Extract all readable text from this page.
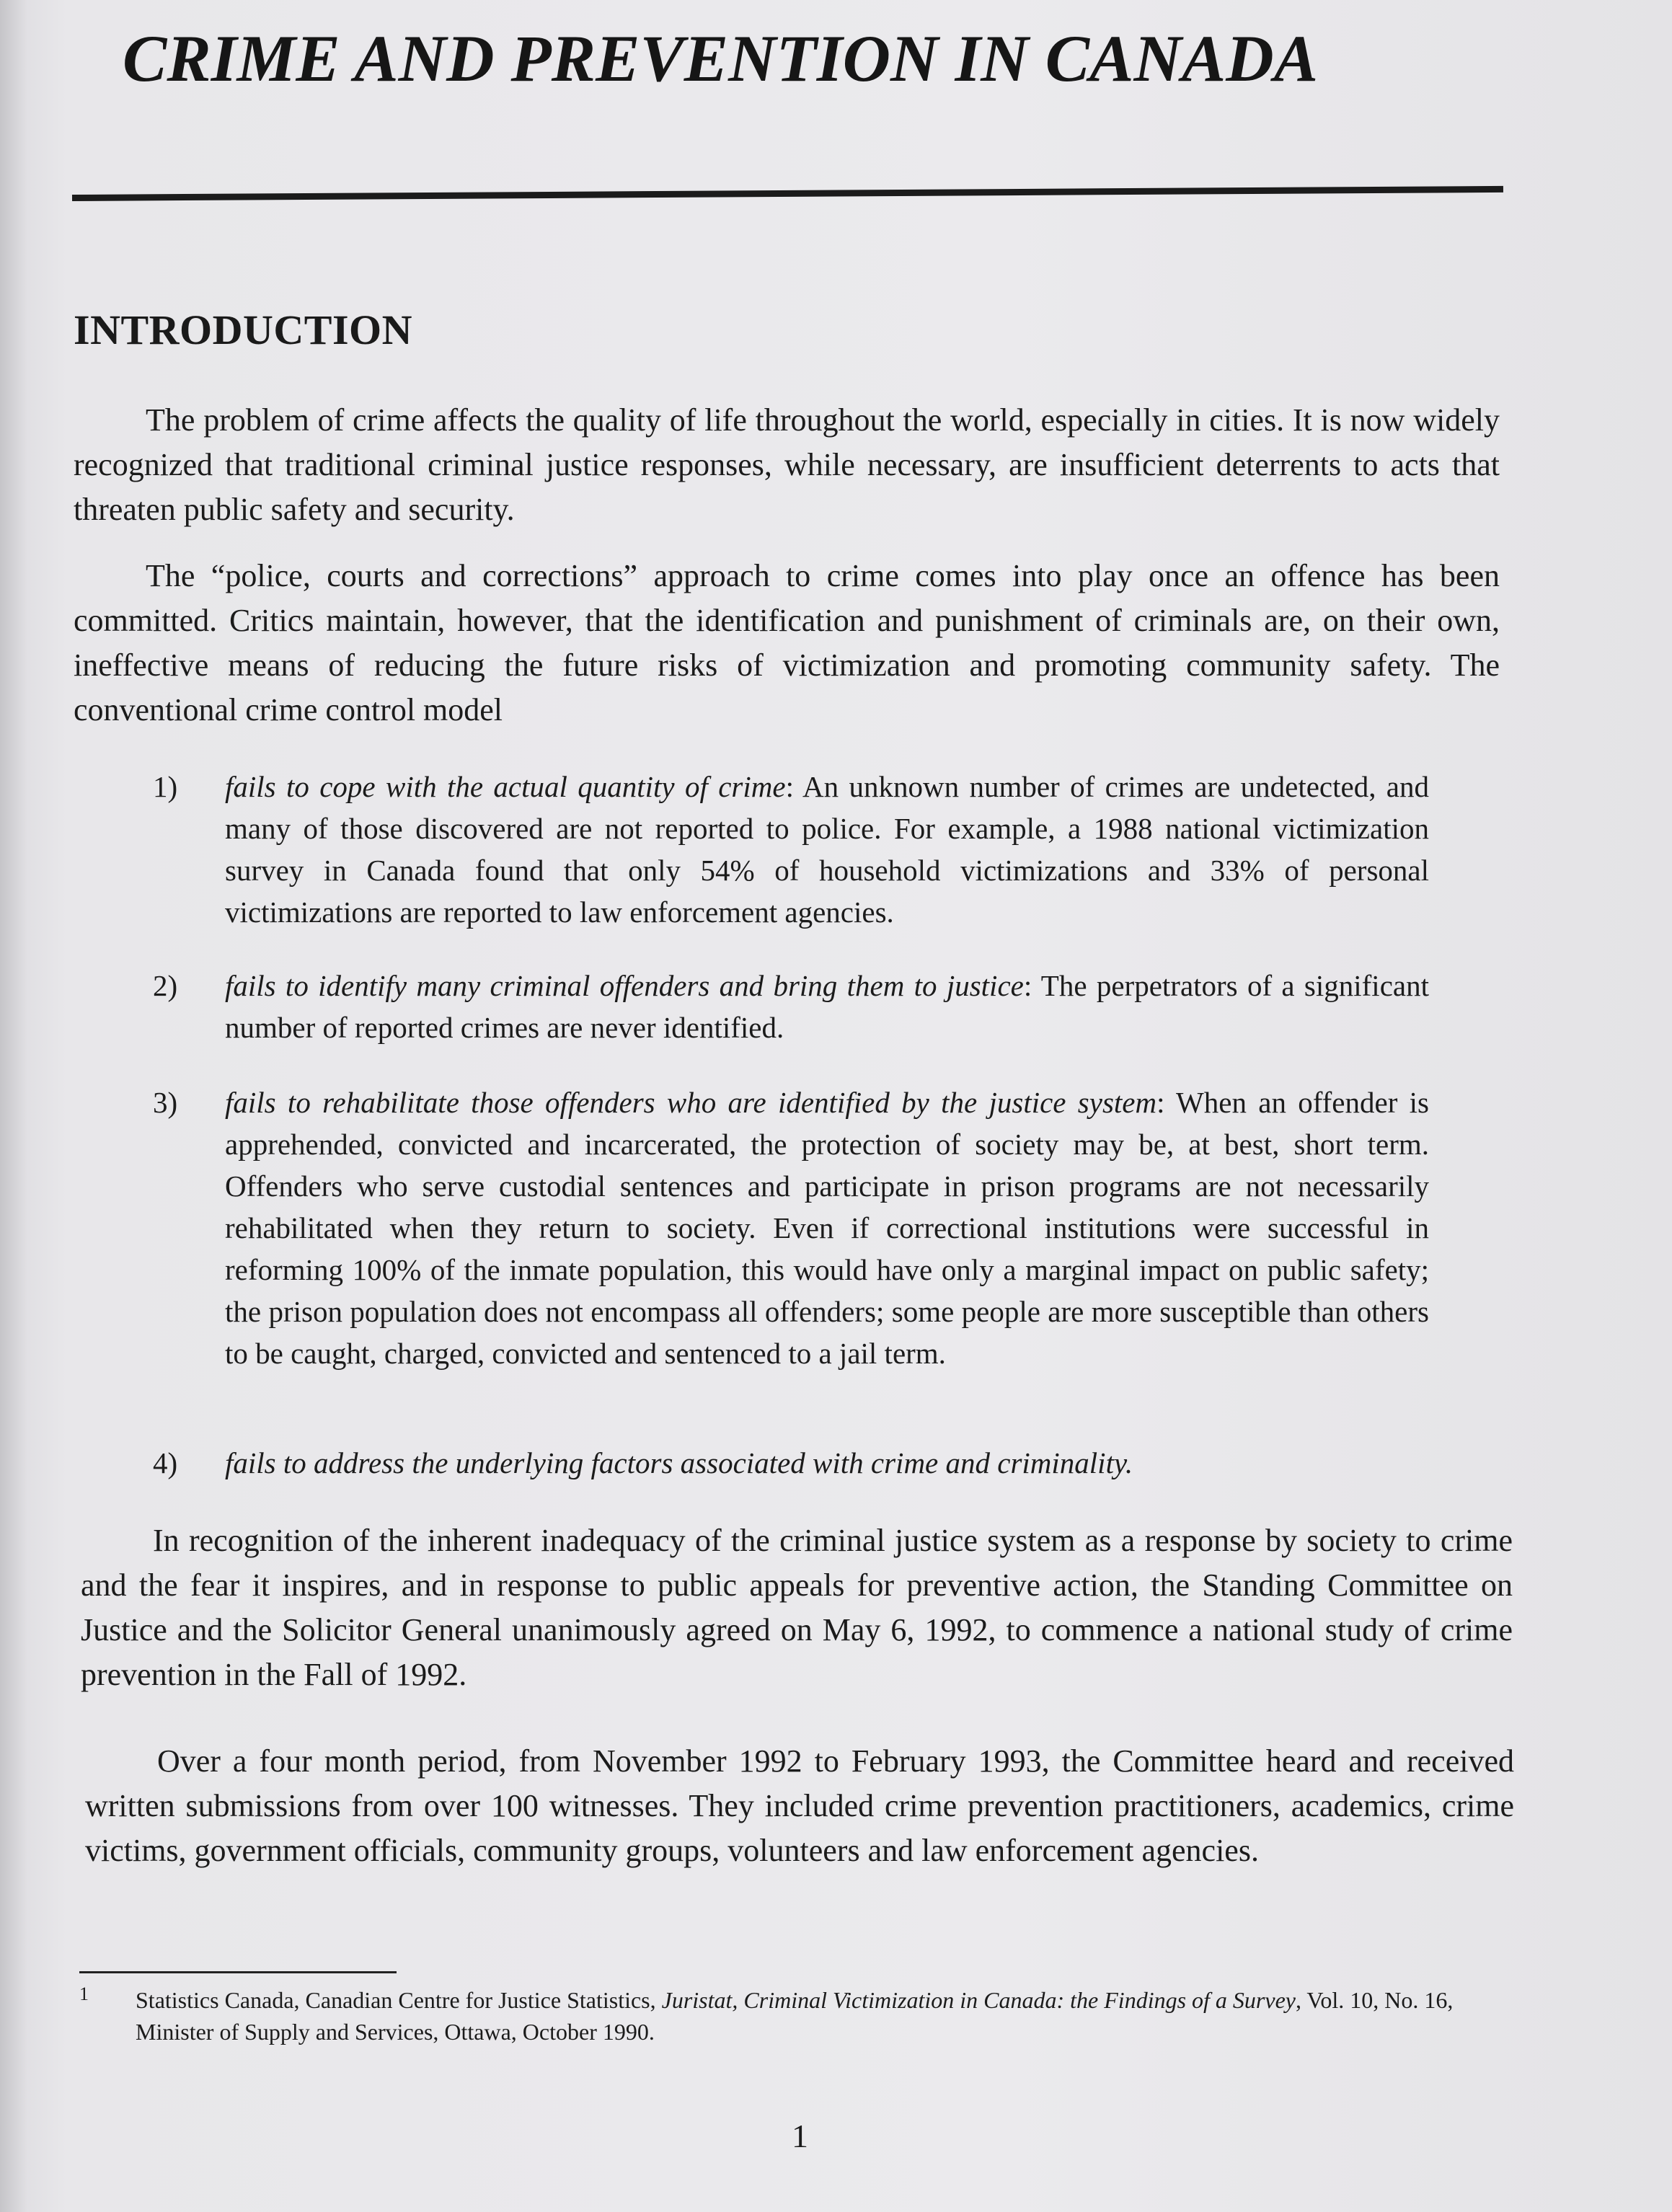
CRIME AND PREVENTION IN CANADA
INTRODUCTION

The problem of crime affects the quality of life throughout the world, especially in cities. It is now widely recognized that traditional criminal justice responses, while necessary, are insufficient deterrents to acts that threaten public safety and security.

The “police, courts and corrections” approach to crime comes into play once an offence has been committed. Critics maintain, however, that the identification and punishment of criminals are, on their own, ineffective means of reducing the future risks of victimization and promoting community safety. The conventional crime control model

1)	fails to cope with the actual quantity of crime: An unknown number of crimes are undetected, and many of those discovered are not reported to police. For example, a 1988 national victimization survey in Canada found that only 54% of household victimizations and 33% of personal victimizations are reported to law enforcement agencies.
2)	fails to identify many criminal offenders and bring them to justice: The perpetrators of a significant number of reported crimes are never identified.
3)	fails to rehabilitate those offenders who are identified by the justice system: When an offender is apprehended, convicted and incarcerated, the protection of society may be, at best, short term. Offenders who serve custodial sentences and participate in prison programs are not necessarily rehabilitated when they return to society. Even if correctional institutions were successful in reforming 100% of the inmate population, this would have only a marginal impact on public safety; the prison population does not encompass all offenders; some people are more susceptible than others to be caught, charged, convicted and sentenced to a jail term.
4)	fails to address the underlying factors associated with crime and criminality.

In recognition of the inherent inadequacy of the criminal justice system as a response by society to crime and the fear it inspires, and in response to public appeals for preventive action, the Standing Committee on Justice and the Solicitor General unanimously agreed on May 6, 1992, to commence a national study of crime prevention in the Fall of 1992.

Over a four month period, from November 1992 to February 1993, the Committee heard and received written submissions from over 100 witnesses. They included crime prevention practitioners, academics, crime victims, government officials, community groups, volunteers and law enforcement agencies.

1 Statistics Canada, Canadian Centre for Justice Statistics, Juristat, Criminal Victimization in Canada: the Findings of a Survey, Vol. 10, No. 16, Minister of Supply and Services, Ottawa, October 1990.
1
